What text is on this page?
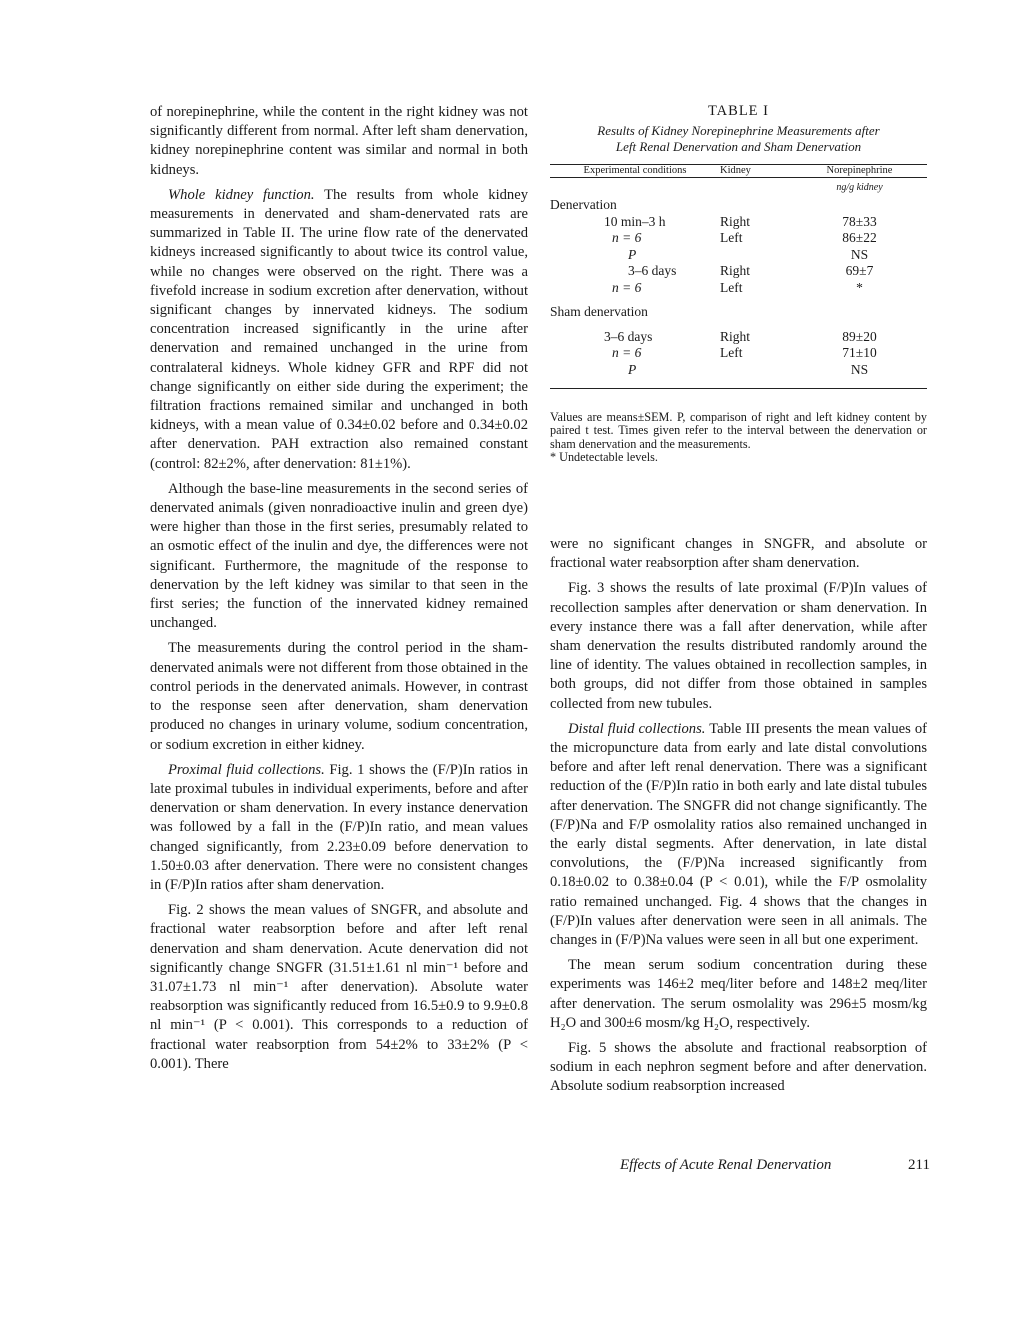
of norepinephrine, while the content in the right kidney was not significantly different from normal. After left sham denervation, kidney norepinephrine content was similar and normal in both kidneys.

Whole kidney function. The results from whole kidney measurements in denervated and sham-denervated rats are summarized in Table II. The urine flow rate of the denervated kidneys increased significantly to about twice its control value, while no changes were observed on the right. There was a fivefold increase in sodium excretion after denervation, without significant changes by innervated kidneys. The sodium concentration increased significantly in the urine after denervation and remained unchanged in the urine from contralateral kidneys. Whole kidney GFR and RPF did not change significantly on either side during the experiment; the filtration fractions remained similar and unchanged in both kidneys, with a mean value of 0.34±0.02 before and 0.34±0.02 after denervation. PAH extraction also remained constant (control: 82±2%, after denervation: 81±1%).

Although the base-line measurements in the second series of denervated animals (given nonradioactive inulin and green dye) were higher than those in the first series, presumably related to an osmotic effect of the inulin and dye, the differences were not significant. Furthermore, the magnitude of the response to denervation by the left kidney was similar to that seen in the first series; the function of the innervated kidney remained unchanged.

The measurements during the control period in the sham-denervated animals were not different from those obtained in the control periods in the denervated animals. However, in contrast to the response seen after denervation, sham denervation produced no changes in urinary volume, sodium concentration, or sodium excretion in either kidney.

Proximal fluid collections. Fig. 1 shows the (F/P)In ratios in late proximal tubules in individual experiments, before and after denervation or sham denervation. In every instance denervation was followed by a fall in the (F/P)In ratio, and mean values changed significantly, from 2.23±0.09 before denervation to 1.50±0.03 after denervation. There were no consistent changes in (F/P)In ratios after sham denervation.

Fig. 2 shows the mean values of SNGFR, and absolute and fractional water reabsorption before and after left renal denervation and sham denervation. Acute denervation did not significantly change SNGFR (31.51±1.61 nl min⁻¹ before and 31.07±1.73 nl min⁻¹ after denervation). Absolute water reabsorption was significantly reduced from 16.5±0.9 to 9.9±0.8 nl min⁻¹ (P < 0.001). This corresponds to a reduction of fractional water reabsorption from 54±2% to 33±2% (P < 0.001). There

TABLE I
Results of Kidney Norepinephrine Measurements after
Left Renal Denervation and Sham Denervation
Experimental conditions	Kidney	Norepinephrine
		ng/g kidney
Denervation		
10 min–3 h	Right	78±33
n = 6	Left	86±22
P		NS
3–6 days	Right	69±7
n = 6	Left	*

Sham denervation		

3–6 days	Right	89±20
n = 6	Left	71±10
P		NS
Values are means±SEM. P, comparison of right and left kidney content by paired t test. Times given refer to the interval between the denervation or sham denervation and the measurements.
* Undetectable levels.

were no significant changes in SNGFR, and absolute or fractional water reabsorption after sham denervation.

Fig. 3 shows the results of late proximal (F/P)In values of recollection samples after denervation or sham denervation. In every instance there was a fall after denervation, while after sham denervation the results distributed randomly around the line of identity. The values obtained in recollection samples, in both groups, did not differ from those obtained in samples collected from new tubules.

Distal fluid collections. Table III presents the mean values of the micropuncture data from early and late distal convolutions before and after left renal denervation. There was a significant reduction of the (F/P)In ratio in both early and late distal tubules after denervation. The SNGFR did not change significantly. The (F/P)Na and F/P osmolality ratios also remained unchanged in the early distal segments. After denervation, in late distal convolutions, the (F/P)Na increased significantly from 0.18±0.02 to 0.38±0.04 (P < 0.01), while the F/P osmolality ratio remained unchanged. Fig. 4 shows that the changes in (F/P)In values after denervation were seen in all animals. The changes in (F/P)Na values were seen in all but one experiment.

The mean serum sodium concentration during these experiments was 146±2 meq/liter before and 148±2 meq/liter after denervation. The serum osmolality was 296±5 mosm/kg H₂O and 300±6 mosm/kg H₂O, respectively.

Fig. 5 shows the absolute and fractional reabsorption of sodium in each nephron segment before and after denervation. Absolute sodium reabsorption increased

Effects of Acute Renal Denervation	211
